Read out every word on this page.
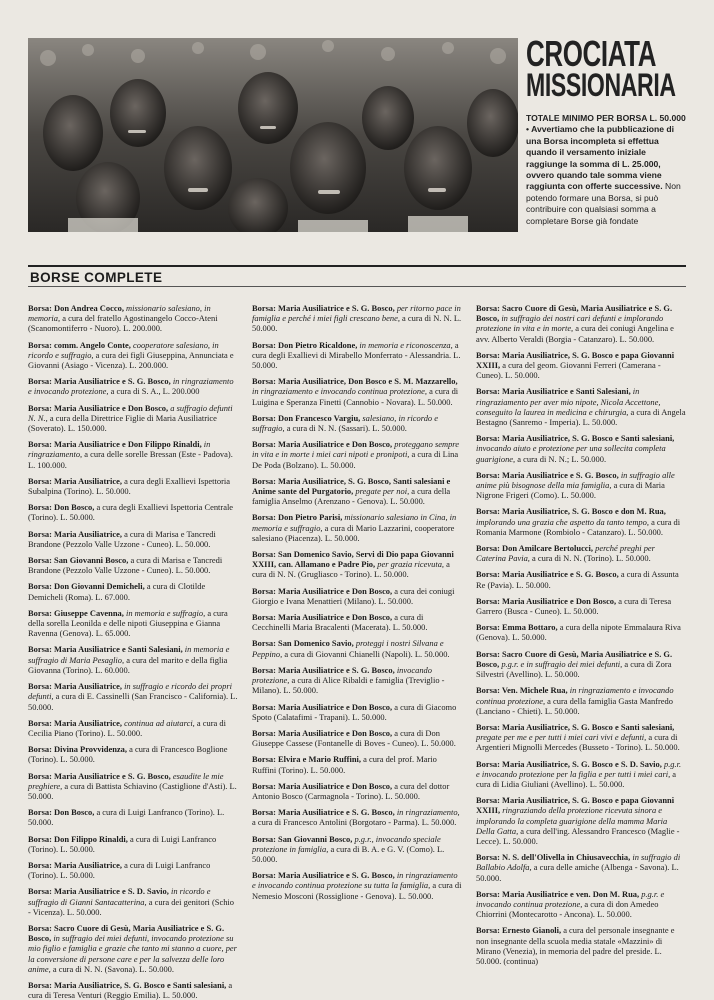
CROCIATA
MISSIONARIA
TOTALE MINIMO PER BORSA L. 50.000 • Avvertiamo che la pubblicazione di una Borsa incompleta si effettua quando il versamento iniziale raggiunge la somma di L. 25.000, ovvero quando tale somma viene raggiunta con offerte successive. Non potendo formare una Borsa, si può contribuire con qualsiasi somma a completare Borse già fondate
BORSE COMPLETE
Borsa: Don Andrea Cocco, missionario salesiano, in memoria, a cura del fratello Agostinangelo Cocco-Ateni (Scanomontiferro - Nuoro). L. 200.000.
Borsa: comm. Angelo Conte, cooperatore salesiano, in ricordo e suffragio, a cura dei figli Giuseppina, Annunciata e Giovanni (Asiago - Vicenza). L. 200.000.
Borsa: Maria Ausiliatrice e S. G. Bosco, in ringraziamento e invocando protezione, a cura di S. A., L. 200.000
Borsa: Maria Ausiliatrice e Don Bosco, a suffragio defunti N. N., a cura della Direttrice Figlie di Maria Ausiliatrice (Soverato). L. 150.000.
Borsa: Maria Ausiliatrice e Don Filippo Rinaldi, in ringraziamento, a cura delle sorelle Bressan (Este - Padova). L. 100.000.
Borsa: Maria Ausiliatrice, a cura degli Exallievi Ispettoria Subalpina (Torino). L. 50.000.
Borsa: Don Bosco, a cura degli Exallievi Ispettoria Centrale (Torino). L. 50.000.
Borsa: Maria Ausiliatrice, a cura di Marisa e Tancredi Brandone (Pezzolo Valle Uzzone - Cuneo). L. 50.000.
Borsa: San Giovanni Bosco, a cura di Marisa e Tancredi Brandone (Pezzolo Valle Uzzone - Cuneo). L. 50.000.
Borsa: Don Giovanni Demicheli, a cura di Clotilde Demicheli (Roma). L. 67.000.
Borsa: Giuseppe Cavenna, in memoria e suffragio, a cura della sorella Leonilda e delle nipoti Giuseppina e Gianna Ravenna (Genova). L. 65.000.
Borsa: Maria Ausiliatrice e Santi Salesiani, in memoria e suffragio di Maria Pesaglio, a cura del marito e della figlia Giovanna (Torino). L. 60.000.
Borsa: Maria Ausiliatrice, in suffragio e ricordo dei propri defunti, a cura di E. Cassinelli (San Francisco - California). L. 50.000.
Borsa: Maria Ausiliatrice, continua ad aiutarci, a cura di Cecilia Piano (Torino). L. 50.000.
Borsa: Divina Provvidenza, a cura di Francesco Boglione (Torino). L. 50.000.
Borsa: Maria Ausiliatrice e S. G. Bosco, esaudite le mie preghiere, a cura di Battista Schiavino (Castiglione d'Asti). L. 50.000.
Borsa: Don Bosco, a cura di Luigi Lanfranco (Torino). L. 50.000.
Borsa: Don Filippo Rinaldi, a cura di Luigi Lanfranco (Torino). L. 50.000.
Borsa: Maria Ausiliatrice, a cura di Luigi Lanfranco (Torino). L. 50.000.
Borsa: Maria Ausiliatrice e S. D. Savio, in ricordo e suffragio di Gianni Santacatterina, a cura dei genitori (Schio - Vicenza). L. 50.000.
Borsa: Sacro Cuore di Gesù, Maria Ausiliatrice e S. G. Bosco, in suffragio dei miei defunti, invocando protezione su mio figlio e famiglia e grazie che tanto mi stanno a cuore, per la conversione di persone care e per la salvezza delle loro anime, a cura di N. N. (Savona). L. 50.000.
Borsa: Maria Ausiliatrice, S. G. Bosco e Santi salesiani, a cura di Teresa Venturi (Reggio Emilia). L. 50.000.
Borsa: Maria Ausiliatrice e S. G. Bosco, per ritorno pace in famiglia e perché i miei figli crescano bene, a cura di N. N. L. 50.000.
Borsa: Don Pietro Ricaldone, in memoria e riconoscenza, a cura degli Exallievi di Mirabello Monferrato - Alessandria. L. 50.000.
Borsa: Maria Ausiliatrice, Don Bosco e S. M. Mazzarello, in ringraziamento e invocando continua protezione, a cura di Luigina e Speranza Finetti (Cannobio - Novara). L. 50.000.
Borsa: Don Francesco Vargiu, salesiano, in ricordo e suffragio, a cura di N. N. (Sassari). L. 50.000.
Borsa: Maria Ausiliatrice e Don Bosco, proteggano sempre in vita e in morte i miei cari nipoti e pronipoti, a cura di Lina De Poda (Bolzano). L. 50.000.
Borsa: Maria Ausiliatrice, S. G. Bosco, Santi salesiani e Anime sante del Purgatorio, pregate per noi, a cura della famiglia Anselmo (Arenzano - Genova). L. 50.000.
Borsa: Don Pietro Parisi, missionario salesiano in Cina, in memoria e suffragio, a cura di Mario Lazzarini, cooperatore salesiano (Piacenza). L. 50.000.
Borsa: San Domenico Savio, Servi di Dio papa Giovanni XXIII, can. Allamano e Padre Pio, per grazia ricevuta, a cura di N. N. (Grugliasco - Torino). L. 50.000.
Borsa: Maria Ausiliatrice e Don Bosco, a cura dei coniugi Giorgio e Ivana Menattieri (Milano). L. 50.000.
Borsa: Maria Ausiliatrice e Don Bosco, a cura di Cecchinelli Maria Bracalenti (Macerata). L. 50.000.
Borsa: San Domenico Savio, proteggi i nostri Silvana e Peppino, a cura di Giovanni Chianelli (Napoli). L. 50.000.
Borsa: Maria Ausiliatrice e S. G. Bosco, invocando protezione, a cura di Alice Ribaldi e famiglia (Treviglio - Milano). L. 50.000.
Borsa: Maria Ausiliatrice e Don Bosco, a cura di Giacomo Spoto (Calatafimi - Trapani). L. 50.000.
Borsa: Maria Ausiliatrice e Don Bosco, a cura di Don Giuseppe Cassese (Fontanelle di Boves - Cuneo). L. 50.000.
Borsa: Elvira e Mario Ruffini, a cura del prof. Mario Ruffini (Torino). L. 50.000.
Borsa: Maria Ausiliatrice e Don Bosco, a cura del dottor Antonio Bosco (Carmagnola - Torino). L. 50.000.
Borsa: Maria Ausiliatrice e S. G. Bosco, in ringraziamento, a cura di Francesco Antolini (Borgotaro - Parma). L. 50.000.
Borsa: San Giovanni Bosco, p.g.r., invocando speciale protezione in famiglia, a cura di B. A. e G. V. (Como). L. 50.000.
Borsa: Maria Ausiliatrice e S. G. Bosco, in ringraziamento e invocando continua protezione su tutta la famiglia, a cura di Nemesio Mosconi (Rossiglione - Genova). L. 50.000.
Borsa: Sacro Cuore di Gesù, Maria Ausiliatrice e S. G. Bosco, in suffragio dei nostri cari defunti e implorando protezione in vita e in morte, a cura dei coniugi Angelina e avv. Alberto Veraldi (Borgia - Catanzaro). L. 50.000.
Borsa: Maria Ausiliatrice, S. G. Bosco e papa Giovanni XXIII, a cura del geom. Giovanni Ferreri (Camerana - Cuneo). L. 50.000.
Borsa: Maria Ausiliatrice e Santi Salesiani, in ringraziamento per aver mio nipote, Nicola Accettone, conseguito la laurea in medicina e chirurgia, a cura di Angela Bestagno (Sanremo - Imperia). L. 50.000.
Borsa: Maria Ausiliatrice, S. G. Bosco e Santi salesiani, invocando aiuto e protezione per una sollecita completa guarigione, a cura di N. N.; L. 50.000.
Borsa: Maria Ausiliatrice e S. G. Bosco, in suffragio alle anime più bisognose della mia famiglia, a cura di Maria Nigrone Frigeri (Como). L. 50.000.
Borsa: Maria Ausiliatrice, S. G. Bosco e don M. Rua, implorando una grazia che aspetto da tanto tempo, a cura di Romania Marmone (Rombiolo - Catanzaro). L. 50.000.
Borsa: Don Amilcare Bertolucci, perché preghi per Caterina Pavia, a cura di N. N. (Torino). L. 50.000.
Borsa: Maria Ausiliatrice e S. G. Bosco, a cura di Assunta Re (Pavia). L. 50.000.
Borsa: Maria Ausiliatrice e Don Bosco, a cura di Teresa Garrero (Busca - Cuneo). L. 50.000.
Borsa: Emma Bottaro, a cura della nipote Emmalaura Riva (Genova). L. 50.000.
Borsa: Sacro Cuore di Gesù, Maria Ausiliatrice e S. G. Bosco, p.g.r. e in suffragio dei miei defunti, a cura di Zora Silvestri (Avellino). L. 50.000.
Borsa: Ven. Michele Rua, in ringraziamento e invocando continua protezione, a cura della famiglia Gasta Manfredo (Lanciano - Chieti). L. 50.000.
Borsa: Maria Ausiliatrice, S. G. Bosco e Santi salesiani, pregate per me e per tutti i miei cari vivi e defunti, a cura di Argentieri Mignolli Mercedes (Busseto - Torino). L. 50.000.
Borsa: Maria Ausiliatrice, S. G. Bosco e S. D. Savio, p.g.r. e invocando protezione per la figlia e per tutti i miei cari, a cura di Lidia Giuliani (Avellino). L. 50.000.
Borsa: Maria Ausiliatrice, S. G. Bosco e papa Giovanni XXIII, ringraziando della protezione ricevuta sinora e implorando la completa guarigione della mamma Maria Della Gatta, a cura dell'ing. Alessandro Francesco (Maglie - Lecce). L. 50.000.
Borsa: N. S. dell'Olivella in Chiusavecchia, in suffragio di Ballabio Adolfa, a cura delle amiche (Albenga - Savona). L. 50.000.
Borsa: Maria Ausiliatrice e ven. Don M. Rua, p.g.r. e invocando continua protezione, a cura di don Amedeo Chiorrini (Montecarotto - Ancona). L. 50.000.
Borsa: Ernesto Gianoli, a cura del personale insegnante e non insegnante della scuola media statale «Mazzini» di Mirano (Venezia), in memoria del padre del preside. L. 50.000. (continua)
